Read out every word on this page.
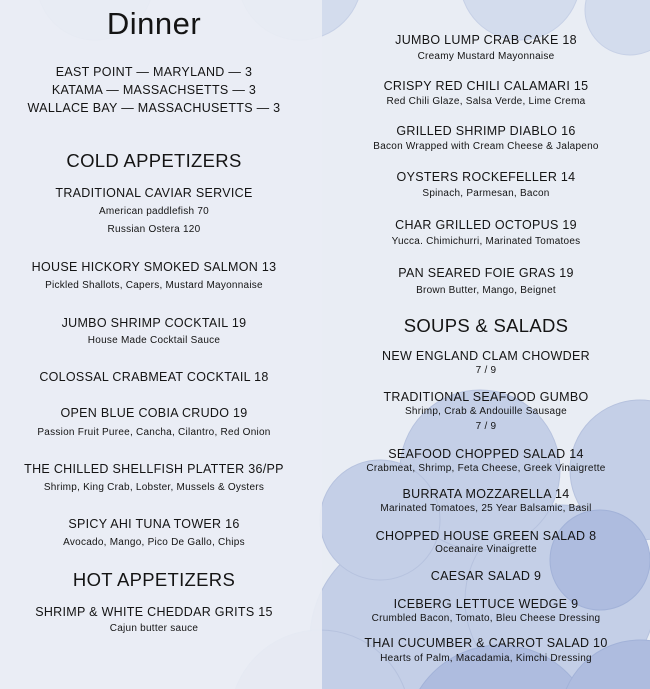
Dinner
EAST POINT — MARYLAND — 3
KATAMA — MASSACHSETTS — 3
WALLACE BAY — MASSACHUSETTS — 3
COLD APPETIZERS
TRADITIONAL CAVIAR SERVICE
American paddlefish 70
Russian Ostera 120
HOUSE HICKORY SMOKED SALMON 13
Pickled Shallots, Capers, Mustard Mayonnaise
JUMBO SHRIMP COCKTAIL 19
House Made Cocktail Sauce
COLOSSAL CRABMEAT COCKTAIL 18
OPEN BLUE COBIA CRUDO 19
Passion Fruit Puree, Cancha, Cilantro, Red Onion
THE CHILLED SHELLFISH PLATTER 36/PP
Shrimp, King Crab, Lobster, Mussels & Oysters
SPICY AHI TUNA TOWER 16
Avocado, Mango, Pico De Gallo, Chips
HOT APPETIZERS
SHRIMP & WHITE CHEDDAR GRITS 15
Cajun butter sauce
JUMBO LUMP CRAB CAKE 18
Creamy Mustard Mayonnaise
CRISPY RED CHILI CALAMARI 15
Red Chili Glaze, Salsa Verde, Lime Crema
GRILLED SHRIMP DIABLO 16
Bacon Wrapped with Cream Cheese & Jalapeno
OYSTERS ROCKEFELLER 14
Spinach, Parmesan, Bacon
CHAR GRILLED OCTOPUS 19
Yucca. Chimichurri, Marinated Tomatoes
PAN SEARED FOIE GRAS 19
Brown Butter, Mango, Beignet
SOUPS & SALADS
NEW ENGLAND CLAM CHOWDER
7 / 9
TRADITIONAL SEAFOOD GUMBO
Shrimp, Crab & Andouille Sausage
7 / 9
SEAFOOD CHOPPED SALAD 14
Crabmeat, Shrimp, Feta Cheese, Greek Vinaigrette
BURRATA MOZZARELLA 14
Marinated Tomatoes, 25 Year Balsamic, Basil
CHOPPED HOUSE GREEN SALAD 8
Oceanaire Vinaigrette
CAESAR SALAD 9
ICEBERG LETTUCE WEDGE 9
Crumbled Bacon, Tomato, Bleu Cheese Dressing
THAI CUCUMBER & CARROT SALAD 10
Hearts of Palm, Macadamia, Kimchi Dressing
